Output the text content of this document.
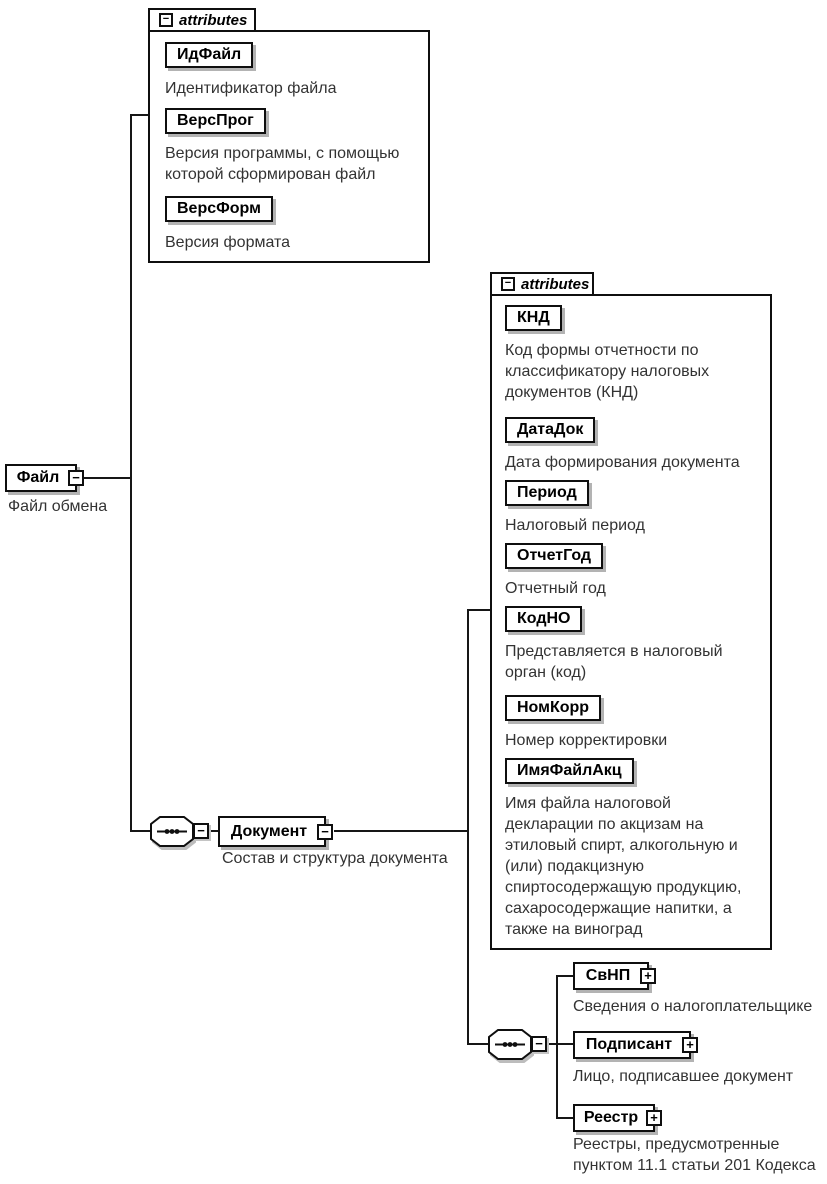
Файл −
Файл обмена
− attributes
ИдФайл
Идентификатор файла
ВерсПрог
Версия программы, с помощью которой сформирован файл
ВерсФорм
Версия формата
− Документ	−
Состав и структура документа
− attributes
КНД
Код формы отчетности по классификатору налоговых документов (КНД)
ДатаДок
Дата формирования документа
Период
Налоговый период
ОтчетГод
Отчетный год
КодНО
Представляется в налоговый орган (код)
НомКорр
Номер корректировки
ИмяФайлАкц
Имя файла налоговой декларации по акцизам на этиловый спирт, алкогольную и (или) подакцизную спиртосодержащую продукцию, сахаросодержащие напитки, а также на виноград
−
СвНП	+
Сведения о налогоплательщике
Подписант	+
Лицо, подписавшее документ
Реестр +
Реестры, предусмотренные пунктом 11.1 статьи 201 Кодекса
